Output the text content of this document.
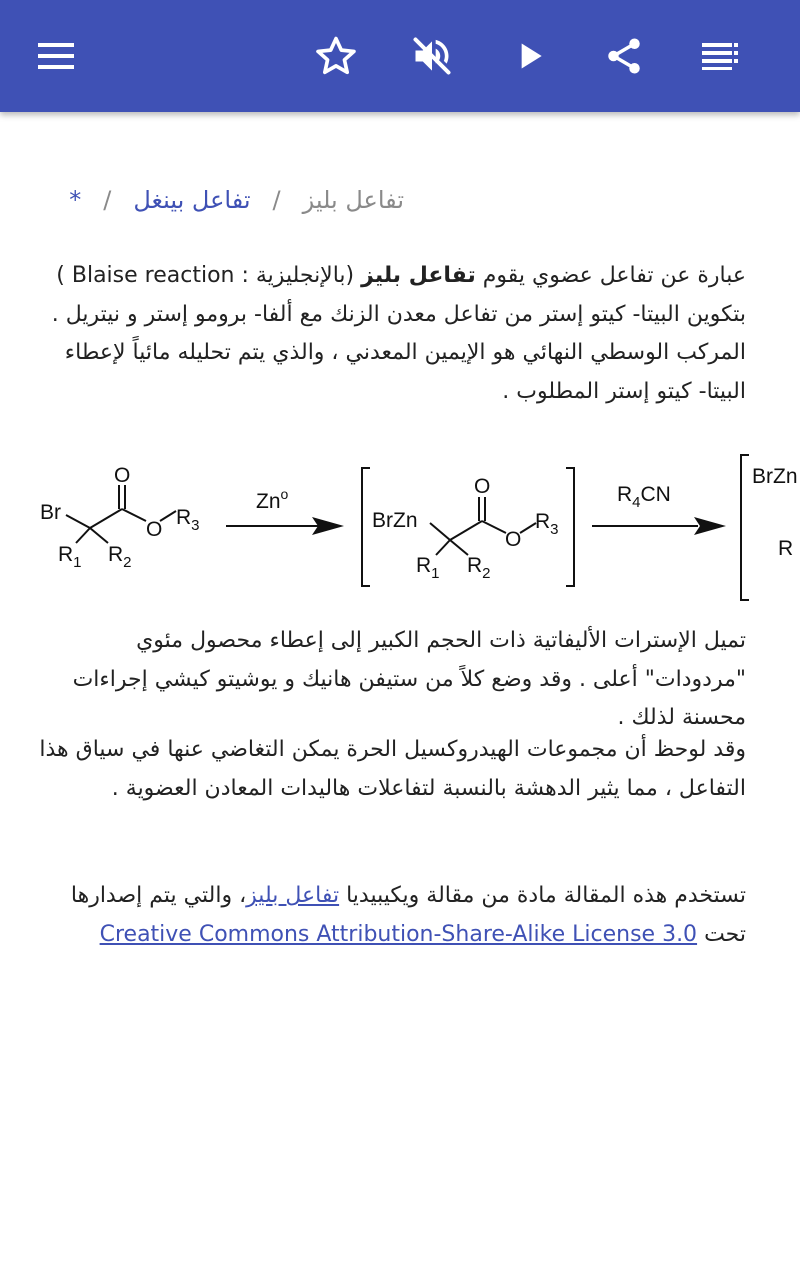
تفاعل بليز
/
تفاعل بينغل
/
*
عبارة عن تفاعل عضوي يقوم تفاعل بليز (بالإنجليزية : Blaise reaction ) بتكوين البيتا- كيتو إستر من تفاعل معدن الزنك مع ألفا- برومو إستر و نيتريل . المركب الوسطي النهائي هو الإيمين المعدني ، والذي يتم تحليله مائياً لإعطاء البيتا- كيتو إستر المطلوب .
Br
O
O
$R_3$
$R_1$ $R_2$
Zn$^o$
BrZn
O
O
$R_3$
$R_1$ $R_2$
$R_4CN$
BrZn
R
تميل الإسترات الأليفاتية ذات الحجم الكبير إلى إعطاء محصول مئوي "مردودات" أعلى . وقد وضع كلاً من ستيفن هانيك و يوشيتو كيشي إجراءات محسنة لذلك .
وقد لوحظ أن مجموعات الهيدروكسيل الحرة يمكن التغاضي عنها في سياق هذا التفاعل ، مما يثير الدهشة بالنسبة لتفاعلات هاليدات المعادن العضوية .
تستخدم هذه المقالة مادة من مقالة ويكيبيديا تفاعل بليز، والتي يتم إصدارها تحت Creative Commons Attribution-Share-Alike License 3.0
